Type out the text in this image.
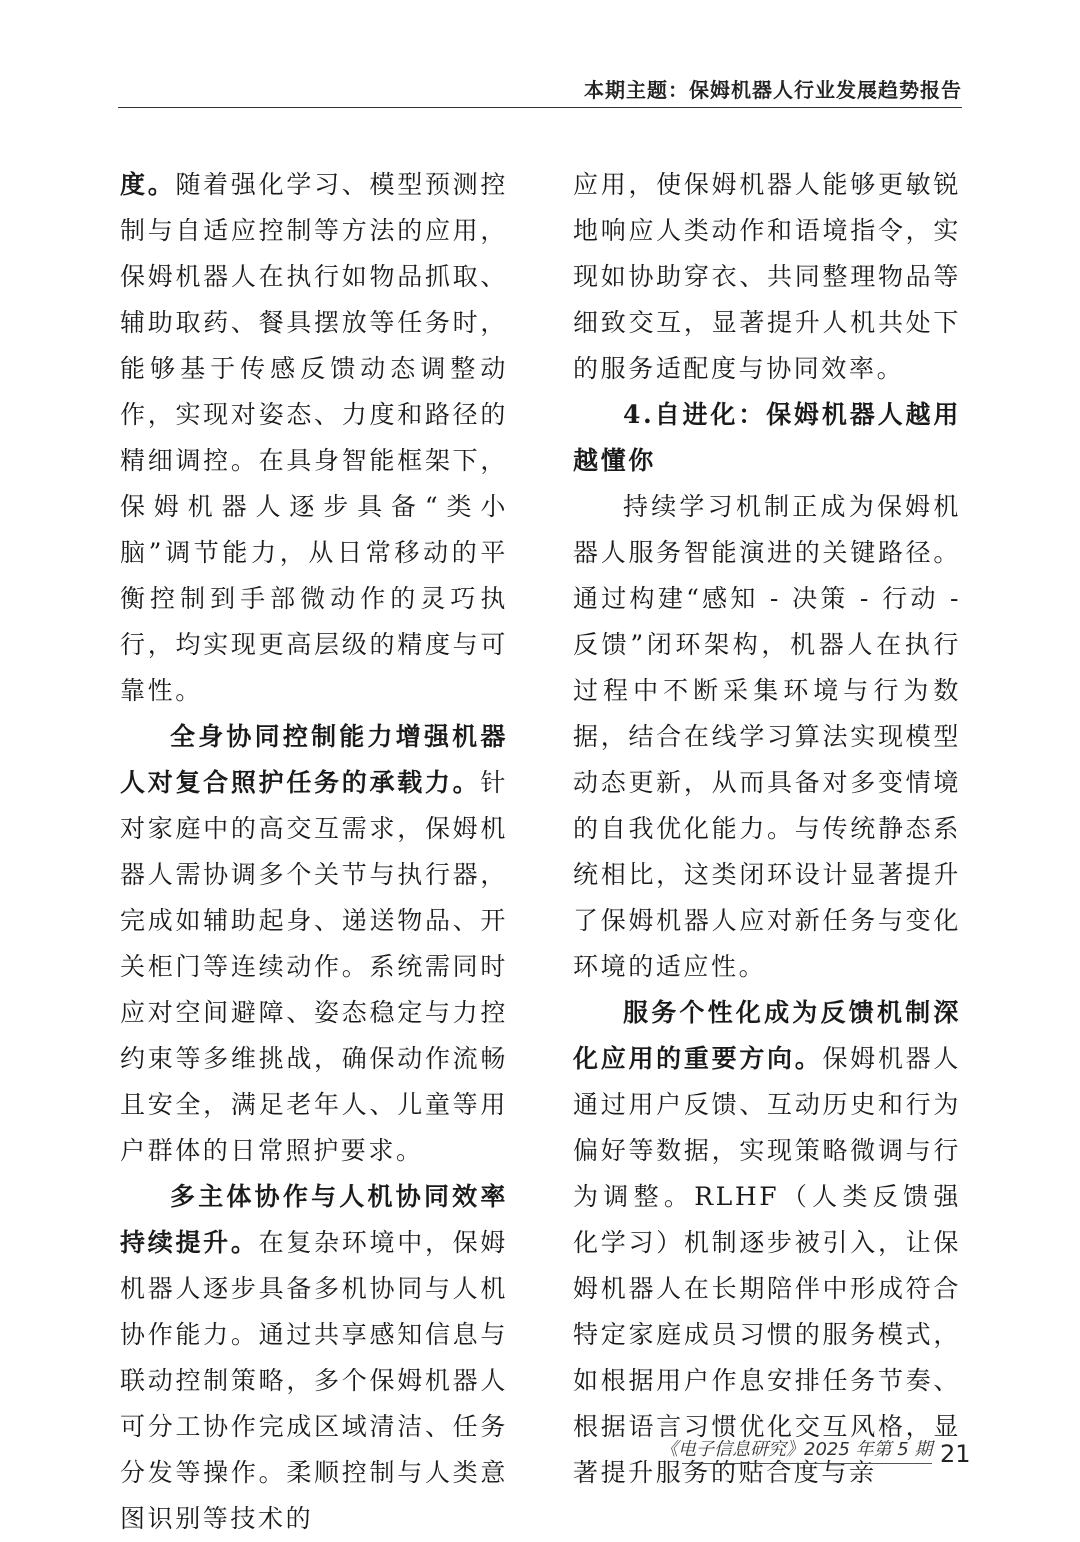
本期主题：保姆机器人行业发展趋势报告

度。随着强化学习、模型预测控制与自适应控制等方法的应用，保姆机器人在执行如物品抓取、辅助取药、餐具摆放等任务时，能够基于传感反馈动态调整动作，实现对姿态、力度和路径的精细调控。在具身智能框架下，保姆机器人逐步具备“类小脑”调节能力，从日常移动的平衡控制到手部微动作的灵巧执行，均实现更高层级的精度与可靠性。

全身协同控制能力增强机器人对复合照护任务的承载力。针对家庭中的高交互需求，保姆机器人需协调多个关节与执行器，完成如辅助起身、递送物品、开关柜门等连续动作。系统需同时应对空间避障、姿态稳定与力控约束等多维挑战，确保动作流畅且安全，满足老年人、儿童等用户群体的日常照护要求。

多主体协作与人机协同效率持续提升。在复杂环境中，保姆机器人逐步具备多机协同与人机协作能力。通过共享感知信息与联动控制策略，多个保姆机器人可分工协作完成区域清洁、任务分发等操作。柔顺控制与人类意图识别等技术的

应用，使保姆机器人能够更敏锐地响应人类动作和语境指令，实现如协助穿衣、共同整理物品等细致交互，显著提升人机共处下的服务适配度与协同效率。

4.自进化：保姆机器人越用越懂你

持续学习机制正成为保姆机器人服务智能演进的关键路径。通过构建“感知 - 决策 - 行动 - 反馈”闭环架构，机器人在执行过程中不断采集环境与行为数据，结合在线学习算法实现模型动态更新，从而具备对多变情境的自我优化能力。与传统静态系统相比，这类闭环设计显著提升了保姆机器人应对新任务与变化环境的适应性。

服务个性化成为反馈机制深化应用的重要方向。保姆机器人通过用户反馈、互动历史和行为偏好等数据，实现策略微调与行为调整。RLHF（人类反馈强化学习）机制逐步被引入，让保姆机器人在长期陪伴中形成符合特定家庭成员习惯的服务模式，如根据用户作息安排任务节奏、根据语言习惯优化交互风格，显著提升服务的贴合度与亲

《电子信息研究》2025 年第 5 期 21
